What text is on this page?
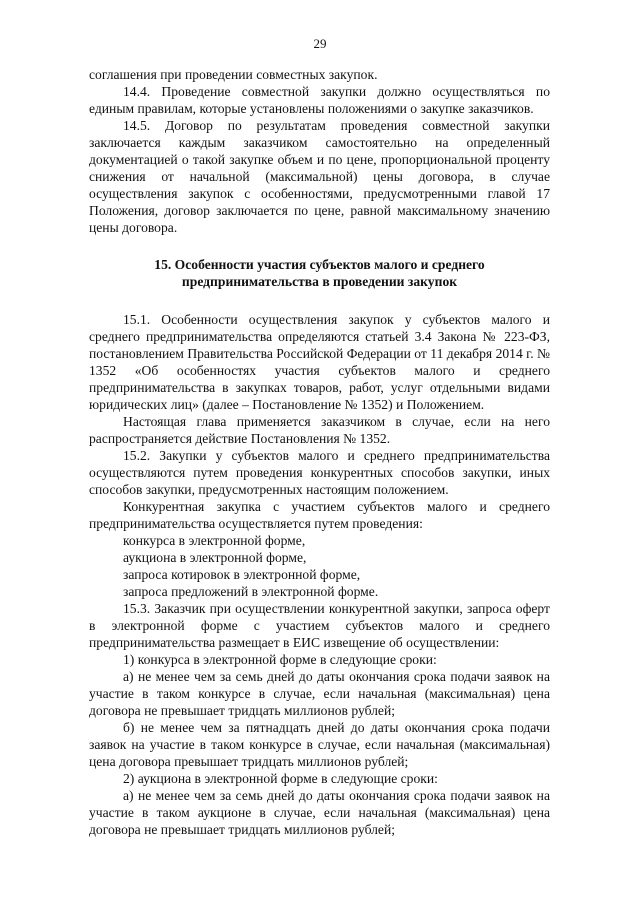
29

соглашения при проведении совместных закупок.

14.4. Проведение совместной закупки должно осуществляться по единым правилам, которые установлены положениями о закупке заказчиков.

14.5. Договор по результатам проведения совместной закупки заключается каждым заказчиком самостоятельно на определенный документацией о такой закупке объем и по цене, пропорциональной проценту снижения от начальной (максимальной) цены договора, в случае осуществления закупок с особенностями, предусмотренными главой 17 Положения, договор заключается по цене, равной максимальному значению цены договора.

15. Особенности участия субъектов малого и среднего
предпринимательства в проведении закупок

15.1. Особенности осуществления закупок у субъектов малого и среднего предпринимательства определяются статьей 3.4 Закона № 223-ФЗ, постановлением Правительства Российской Федерации от 11 декабря 2014 г. № 1352 «Об особенностях участия субъектов малого и среднего предпринимательства в закупках товаров, работ, услуг отдельными видами юридических лиц» (далее – Постановление № 1352) и Положением.

Настоящая глава применяется заказчиком в случае, если на него распространяется действие Постановления № 1352.

15.2. Закупки у субъектов малого и среднего предпринимательства осуществляются путем проведения конкурентных способов закупки, иных способов закупки, предусмотренных настоящим положением.

Конкурентная закупка с участием субъектов малого и среднего предпринимательства осуществляется путем проведения:

конкурса в электронной форме,

аукциона в электронной форме,

запроса котировок в электронной форме,

запроса предложений в электронной форме.

15.3. Заказчик при осуществлении конкурентной закупки, запроса оферт в электронной форме с участием субъектов малого и среднего предпринимательства размещает в ЕИС извещение об осуществлении:

1) конкурса в электронной форме в следующие сроки:

а) не менее чем за семь дней до даты окончания срока подачи заявок на участие в таком конкурсе в случае, если начальная (максимальная) цена договора не превышает тридцать миллионов рублей;

б) не менее чем за пятнадцать дней до даты окончания срока подачи заявок на участие в таком конкурсе в случае, если начальная (максимальная) цена договора превышает тридцать миллионов рублей;

2) аукциона в электронной форме в следующие сроки:

а) не менее чем за семь дней до даты окончания срока подачи заявок на участие в таком аукционе в случае, если начальная (максимальная) цена договора не превышает тридцать миллионов рублей;
